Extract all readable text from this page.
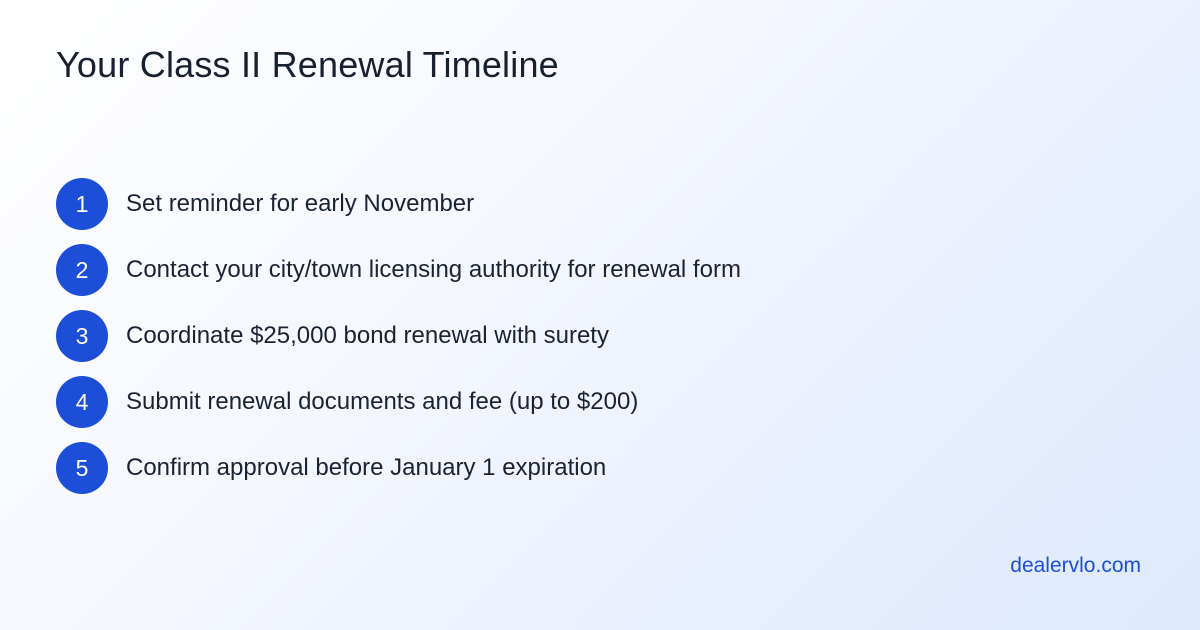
Your Class II Renewal Timeline
1	Set reminder for early November
2	Contact your city/town licensing authority for renewal form
3	Coordinate $25,000 bond renewal with surety
4	Submit renewal documents and fee (up to $200)
5	Confirm approval before January 1 expiration
dealervlo.com
